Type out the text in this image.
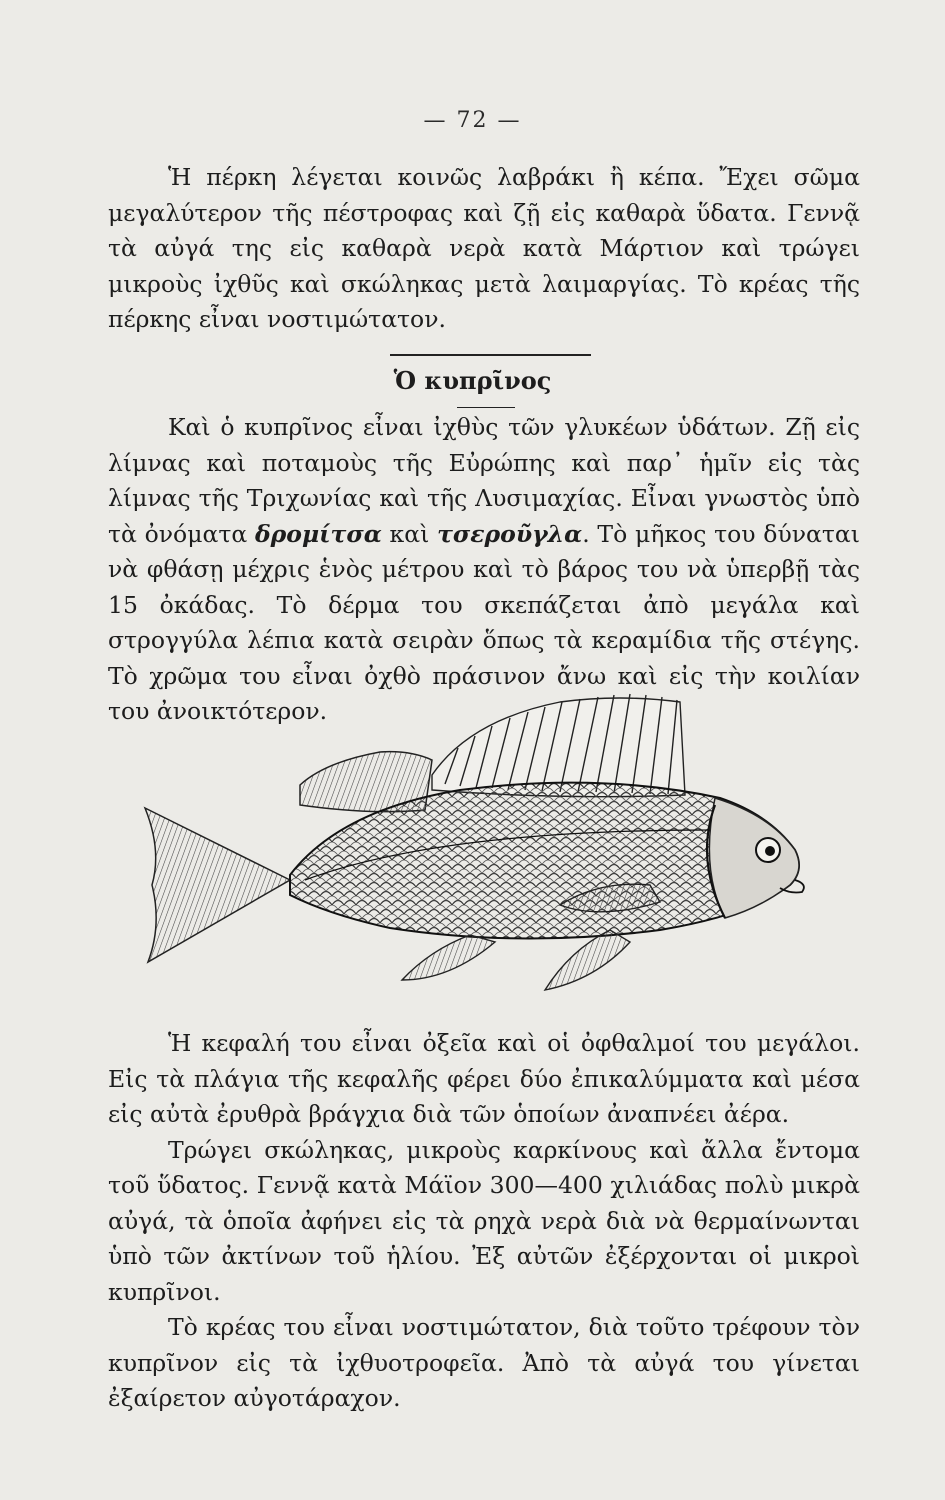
— 72 —

Ἡ πέρκη λέγεται κοινῶς λαβράκι ἢ κέπα. Ἔχει σῶμα μεγαλύτερον τῆς πέστροφας καὶ ζῇ εἰς καθαρὰ ὕδατα. Γεννᾷ τὰ αὐγά της εἰς καθαρὰ νερὰ κατὰ Μάρτιον καὶ τρώγει μικροὺς ἰχθῦς καὶ σκώληκας μετὰ λαιμαργίας. Τὸ κρέας τῆς πέρκης εἶναι νοστιμώτατον.

Ὁ κυπρῖνος

Καὶ ὁ κυπρῖνος εἶναι ἰχθὺς τῶν γλυκέων ὑδάτων. Ζῇ εἰς λίμνας καὶ ποταμοὺς τῆς Εὐρώπης καὶ παρ᾽ ἡμῖν εἰς τὰς λίμνας τῆς Τριχωνίας καὶ τῆς Λυσιμαχίας. Εἶναι γνωστὸς ὑπὸ τὰ ὀνόματα δρομίτσα καὶ τσεροῦγλα. Τὸ μῆκος του δύναται νὰ φθάσῃ μέχρις ἑνὸς μέτρου καὶ τὸ βάρος του νὰ ὑπερβῇ τὰς 15 ὀκάδας. Τὸ δέρμα του σκεπάζεται ἀπὸ μεγάλα καὶ στρογγύλα λέπια κατὰ σειρὰν ὅπως τὰ κεραμίδια τῆς στέγης. Τὸ χρῶμα του εἶναι ὀχθὸ πράσινον ἄνω καὶ εἰς τὴν κοιλίαν του ἀνοικτότερον.

Ἡ κεφαλή του εἶναι ὀξεῖα καὶ οἱ ὀφθαλμοί του μεγάλοι. Εἰς τὰ πλάγια τῆς κεφαλῆς φέρει δύο ἐπικαλύμματα καὶ μέσα εἰς αὐτὰ ἐρυθρὰ βράγχια διὰ τῶν ὁποίων ἀναπνέει ἀέρα.

Τρώγει σκώληκας, μικροὺς καρκίνους καὶ ἄλλα ἔντομα τοῦ ὕδατος. Γεννᾷ κατὰ Μάϊον 300—400 χιλιάδας πολὺ μικρὰ αὐγά, τὰ ὁποῖα ἀφήνει εἰς τὰ ρηχὰ νερὰ διὰ νὰ θερμαίνωνται ὑπὸ τῶν ἀκτίνων τοῦ ἡλίου. Ἐξ αὐτῶν ἐξέρχονται οἱ μικροὶ κυπρῖνοι.

Τὸ κρέας του εἶναι νοστιμώτατον, διὰ τοῦτο τρέφουν τὸν κυπρῖνον εἰς τὰ ἰχθυοτροφεῖα. Ἀπὸ τὰ αὐγά του γίνεται ἐξαίρετον αὐγοτάραχον.
